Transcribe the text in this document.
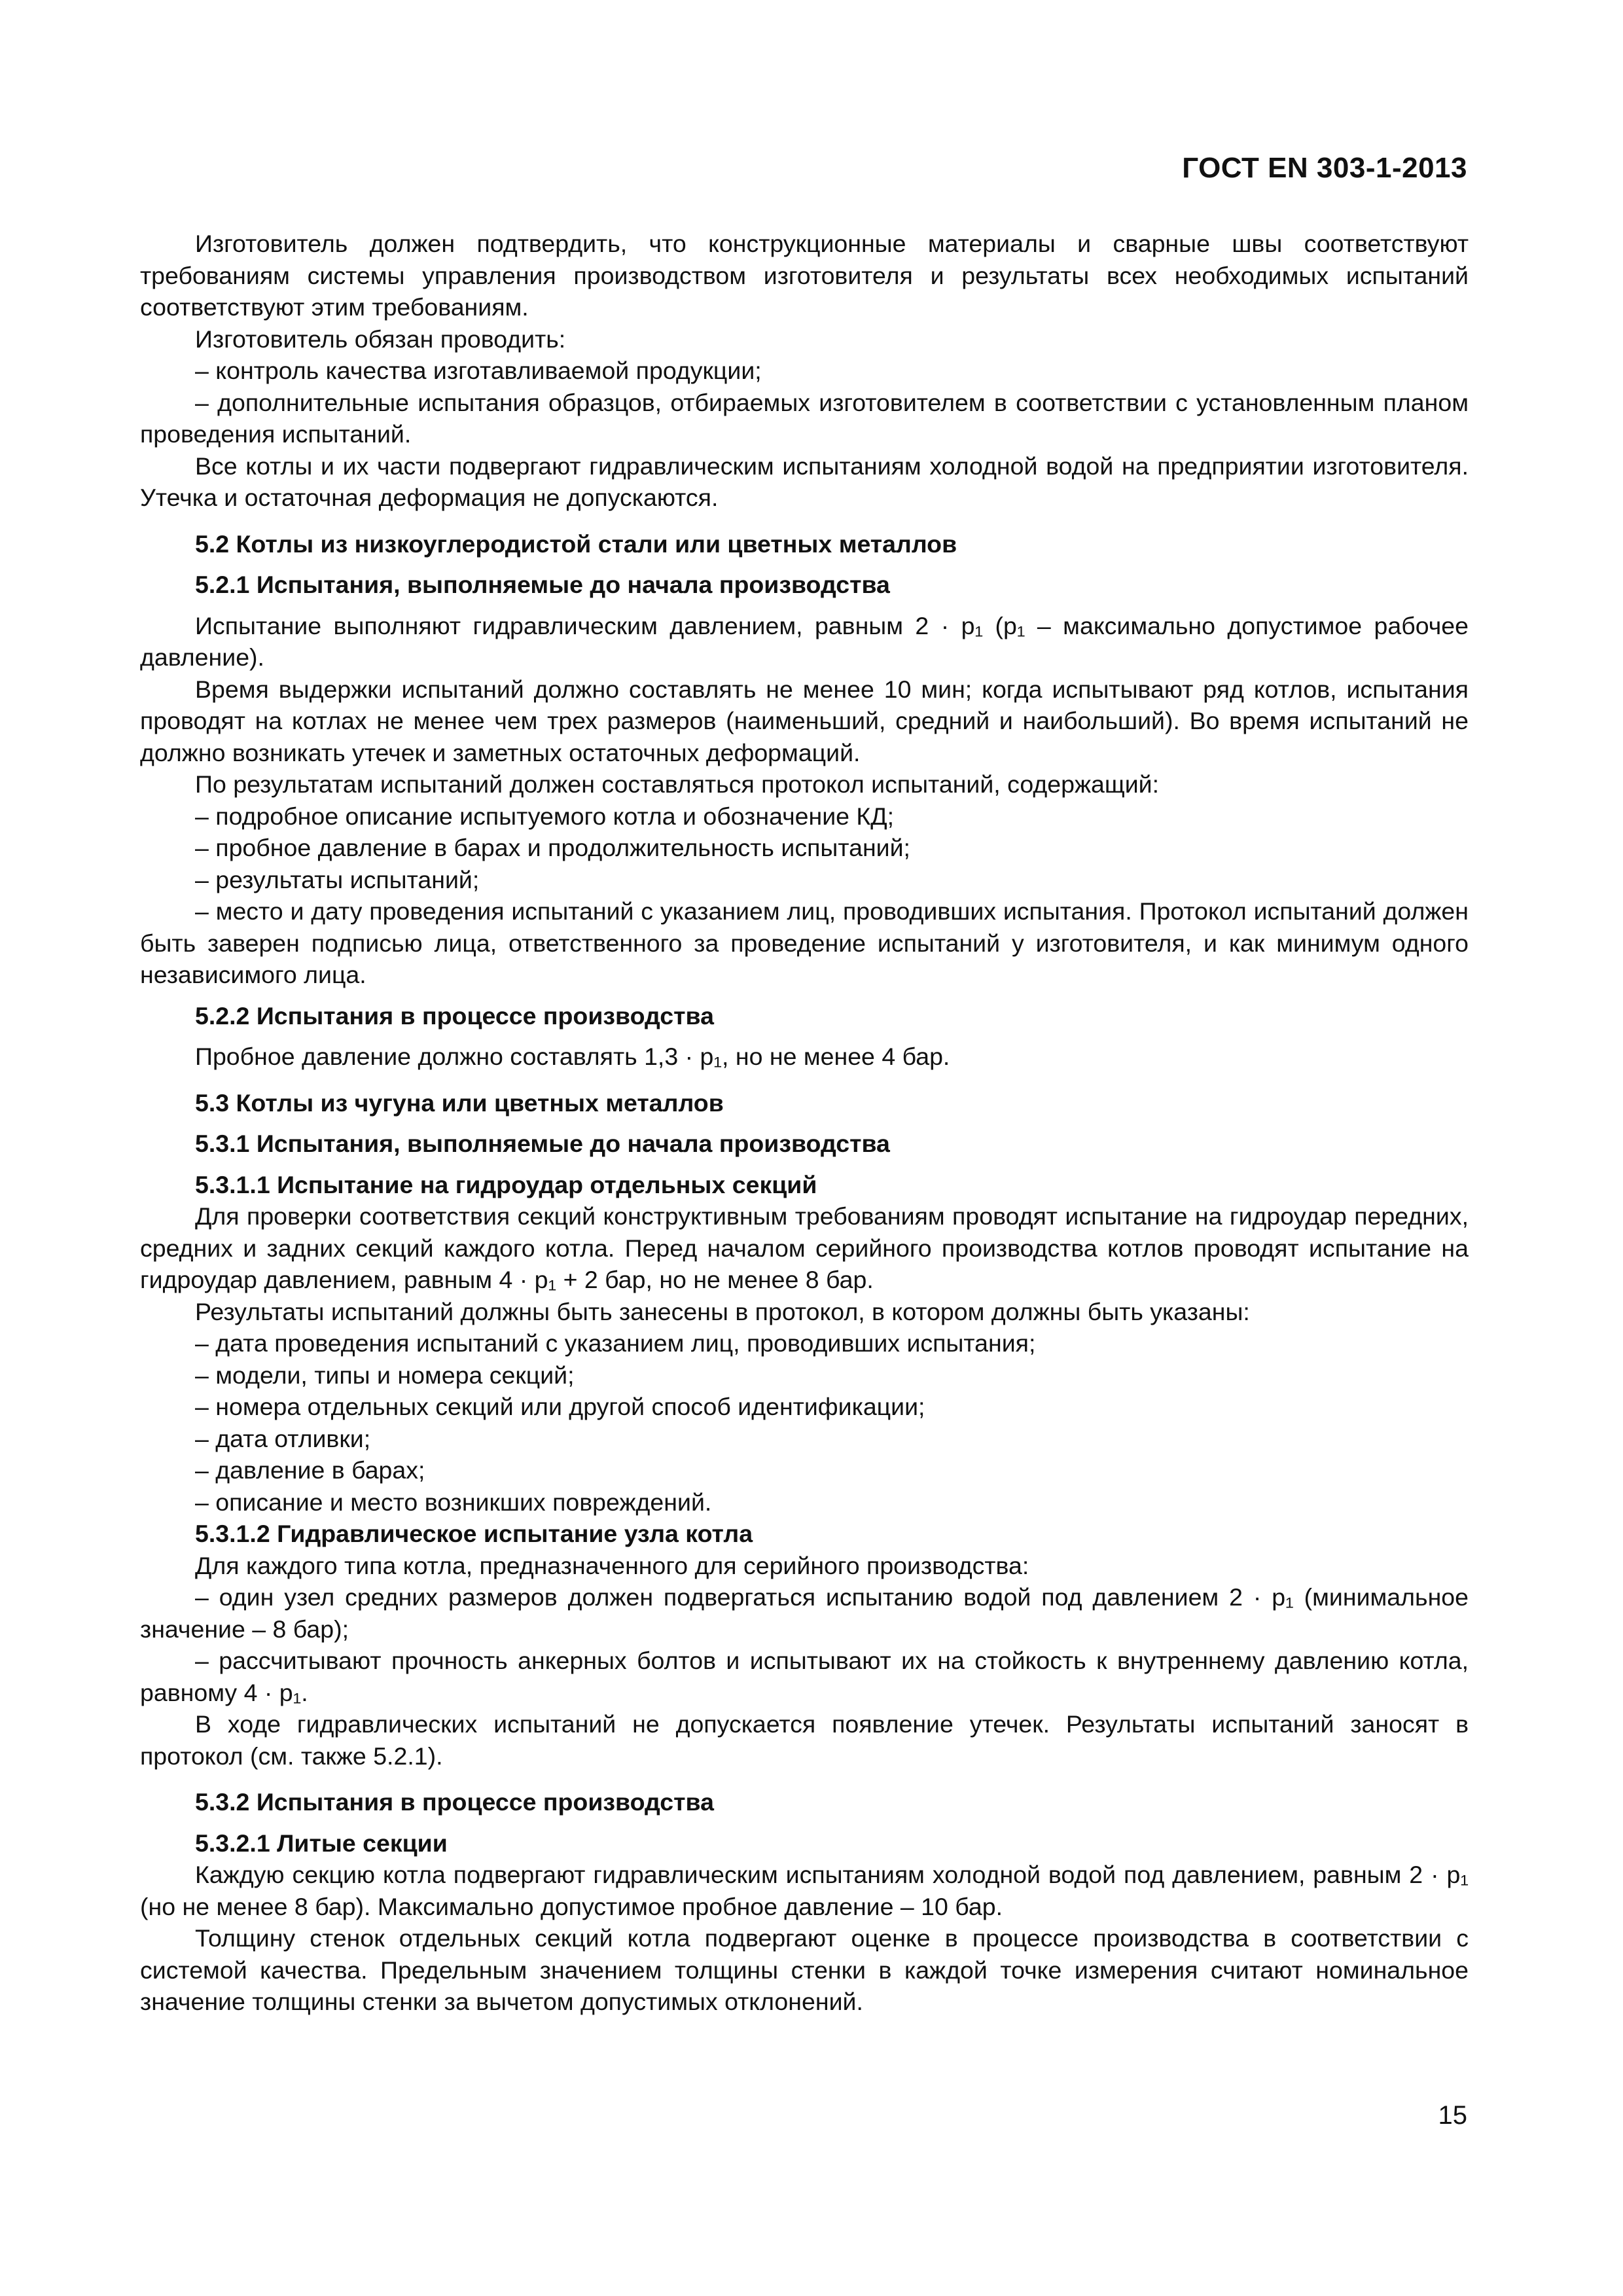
ГОСТ EN 303-1-2013

Изготовитель должен подтвердить, что конструкционные материалы и сварные швы соответствуют требованиям системы управления производством изготовителя и результаты всех необходимых испытаний соответствуют этим требованиям.

Изготовитель обязан проводить:

– контроль качества изготавливаемой продукции;

– дополнительные испытания образцов, отбираемых изготовителем в соответствии с установленным планом проведения испытаний.

Все котлы и их части подвергают гидравлическим испытаниям холодной водой на предприятии изготовителя. Утечка и остаточная деформация не допускаются.

5.2 Котлы из низкоуглеродистой стали или цветных металлов

5.2.1 Испытания, выполняемые до начала производства

Испытание выполняют гидравлическим давлением, равным 2 · p₁ (p₁ – максимально допустимое рабочее давление).

Время выдержки испытаний должно составлять не менее 10 мин; когда испытывают ряд котлов, испытания проводят на котлах не менее чем трех размеров (наименьший, средний и наибольший). Во время испытаний не должно возникать утечек и заметных остаточных деформаций.

По результатам испытаний должен составляться протокол испытаний, содержащий:

– подробное описание испытуемого котла и обозначение КД;

– пробное давление в барах и продолжительность испытаний;

– результаты испытаний;

– место и дату проведения испытаний с указанием лиц, проводивших испытания. Протокол испытаний должен быть заверен подписью лица, ответственного за проведение испытаний у изготовителя, и как минимум одного независимого лица.

5.2.2 Испытания в процессе производства

Пробное давление должно составлять 1,3 · p₁, но не менее 4 бар.

5.3 Котлы из чугуна или цветных металлов

5.3.1 Испытания, выполняемые до начала производства

5.3.1.1 Испытание на гидроудар отдельных секций

Для проверки соответствия секций конструктивным требованиям проводят испытание на гидроудар передних, средних и задних секций каждого котла. Перед началом серийного производства котлов проводят испытание на гидроудар давлением, равным 4 · p₁ + 2 бар, но не менее 8 бар.

Результаты испытаний должны быть занесены в протокол, в котором должны быть указаны:

– дата проведения испытаний с указанием лиц, проводивших испытания;

– модели, типы и номера секций;

– номера отдельных секций или другой способ идентификации;

– дата отливки;

– давление в барах;

– описание и место возникших повреждений.

5.3.1.2 Гидравлическое испытание узла котла

Для каждого типа котла, предназначенного для серийного производства:

– один узел средних размеров должен подвергаться испытанию водой под давлением 2 · p₁ (минимальное значение – 8 бар);

– рассчитывают прочность анкерных болтов и испытывают их на стойкость к внутреннему давлению котла, равному 4 · p₁.

В ходе гидравлических испытаний не допускается появление утечек. Результаты испытаний заносят в протокол (см. также 5.2.1).

5.3.2 Испытания в процессе производства

5.3.2.1 Литые секции

Каждую секцию котла подвергают гидравлическим испытаниям холодной водой под давлением, равным 2 · p₁ (но не менее 8 бар). Максимально допустимое пробное давление – 10 бар.

Толщину стенок отдельных секций котла подвергают оценке в процессе производства в соответствии с системой качества. Предельным значением толщины стенки в каждой точке измерения считают номинальное значение толщины стенки за вычетом допустимых отклонений.

15
